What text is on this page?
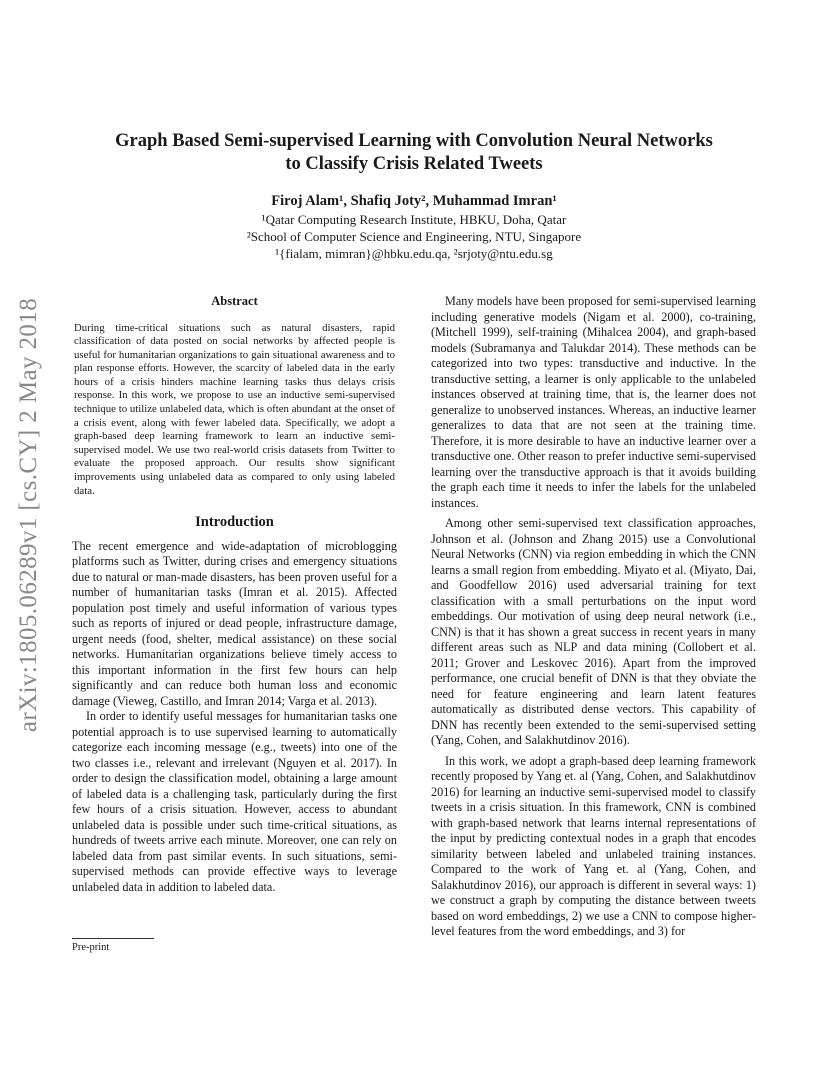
arXiv:1805.06289v1 [cs.CY] 2 May 2018
Graph Based Semi-supervised Learning with Convolution Neural Networks
to Classify Crisis Related Tweets
Firoj Alam¹, Shafiq Joty², Muhammad Imran¹
¹Qatar Computing Research Institute, HBKU, Doha, Qatar
²School of Computer Science and Engineering, NTU, Singapore
¹{fialam, mimran}@hbku.edu.qa, ²srjoty@ntu.edu.sg
Abstract

During time-critical situations such as natural disasters, rapid classification of data posted on social networks by affected people is useful for humanitarian organizations to gain situational awareness and to plan response efforts. However, the scarcity of labeled data in the early hours of a crisis hinders machine learning tasks thus delays crisis response. In this work, we propose to use an inductive semi-supervised technique to utilize unlabeled data, which is often abundant at the onset of a crisis event, along with fewer labeled data. Specifically, we adopt a graph-based deep learning framework to learn an inductive semi-supervised model. We use two real-world crisis datasets from Twitter to evaluate the proposed approach. Our results show significant improvements using unlabeled data as compared to only using labeled data.

Introduction

The recent emergence and wide-adaptation of microblogging platforms such as Twitter, during crises and emergency situations due to natural or man-made disasters, has been proven useful for a number of humanitarian tasks (Imran et al. 2015). Affected population post timely and useful information of various types such as reports of injured or dead people, infrastructure damage, urgent needs (food, shelter, medical assistance) on these social networks. Humanitarian organizations believe timely access to this important information in the first few hours can help significantly and can reduce both human loss and economic damage (Vieweg, Castillo, and Imran 2014; Varga et al. 2013).

In order to identify useful messages for humanitarian tasks one potential approach is to use supervised learning to automatically categorize each incoming message (e.g., tweets) into one of the two classes i.e., relevant and irrelevant (Nguyen et al. 2017). In order to design the classification model, obtaining a large amount of labeled data is a challenging task, particularly during the first few hours of a crisis situation. However, access to abundant unlabeled data is possible under such time-critical situations, as hundreds of tweets arrive each minute. Moreover, one can rely on labeled data from past similar events. In such situations, semi-supervised methods can provide effective ways to leverage unlabeled data in addition to labeled data.

Many models have been proposed for semi-supervised learning including generative models (Nigam et al. 2000), co-training, (Mitchell 1999), self-training (Mihalcea 2004), and graph-based models (Subramanya and Talukdar 2014). These methods can be categorized into two types: transductive and inductive. In the transductive setting, a learner is only applicable to the unlabeled instances observed at training time, that is, the learner does not generalize to unobserved instances. Whereas, an inductive learner generalizes to data that are not seen at the training time. Therefore, it is more desirable to have an inductive learner over a transductive one. Other reason to prefer inductive semi-supervised learning over the transductive approach is that it avoids building the graph each time it needs to infer the labels for the unlabeled instances.

Among other semi-supervised text classification approaches, Johnson et al. (Johnson and Zhang 2015) use a Convolutional Neural Networks (CNN) via region embedding in which the CNN learns a small region from embedding. Miyato et al. (Miyato, Dai, and Goodfellow 2016) used adversarial training for text classification with a small perturbations on the input word embeddings. Our motivation of using deep neural network (i.e., CNN) is that it has shown a great success in recent years in many different areas such as NLP and data mining (Collobert et al. 2011; Grover and Leskovec 2016). Apart from the improved performance, one crucial benefit of DNN is that they obviate the need for feature engineering and learn latent features automatically as distributed dense vectors. This capability of DNN has recently been extended to the semi-supervised setting (Yang, Cohen, and Salakhutdinov 2016).

In this work, we adopt a graph-based deep learning framework recently proposed by Yang et. al (Yang, Cohen, and Salakhutdinov 2016) for learning an inductive semi-supervised model to classify tweets in a crisis situation. In this framework, CNN is combined with graph-based network that learns internal representations of the input by predicting contextual nodes in a graph that encodes similarity between labeled and unlabeled training instances. Compared to the work of Yang et. al (Yang, Cohen, and Salakhutdinov 2016), our approach is different in several ways: 1) we construct a graph by computing the distance between tweets based on word embeddings, 2) we use a CNN to compose higher-level features from the word embeddings, and 3) for

Pre-print
